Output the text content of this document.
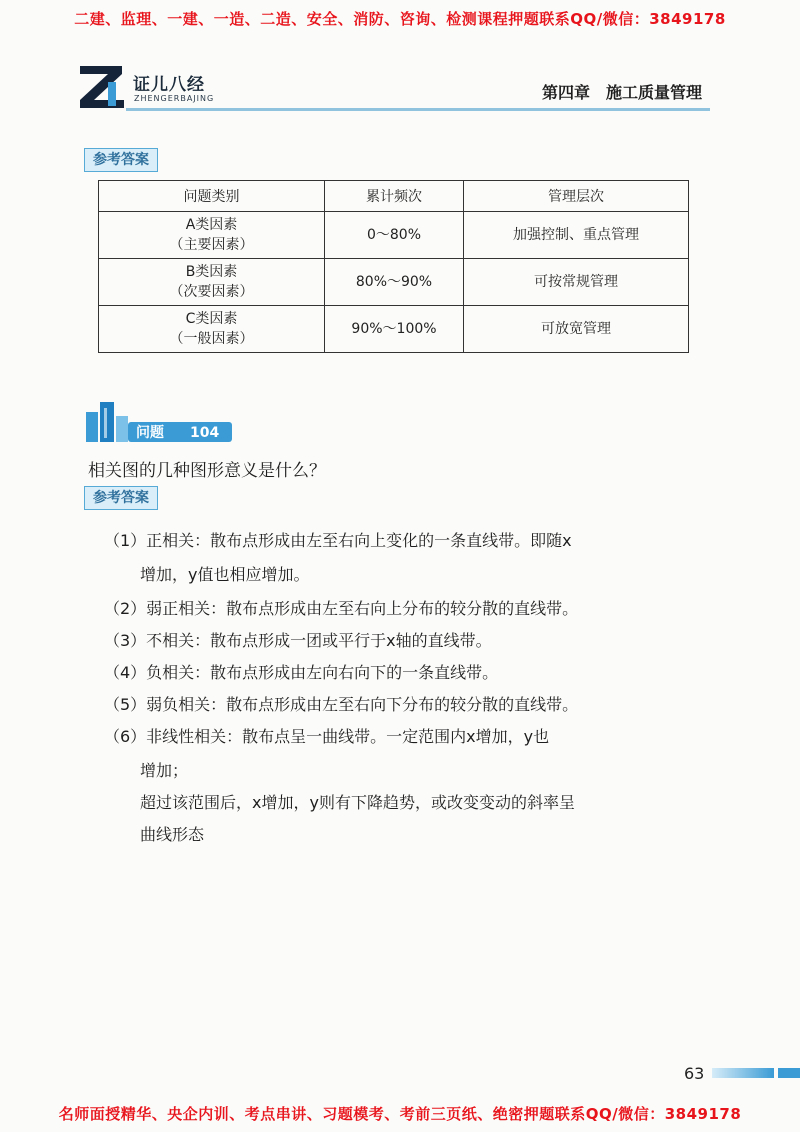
二建、监理、一建、一造、二造、安全、消防、咨询、检测课程押题联系QQ/微信：3849178
证儿八经
ZHENGERBAJING	第四章　施工质量管理
参考答案
问题类别	累计频次	管理层次
A类因素
（主要因素）	0～80%	加强控制、重点管理
B类因素
（次要因素）	80%～90%	可按常规管理
C类因素
（一般因素）	90%～100%	可放宽管理
问题 104
相关图的几种图形意义是什么？
参考答案
（1）正相关：散布点形成由左至右向上变化的一条直线带。即随x
增加，y值也相应增加。
（2）弱正相关：散布点形成由左至右向上分布的较分散的直线带。
（3）不相关：散布点形成一团或平行于x轴的直线带。
（4）负相关：散布点形成由左向右向下的一条直线带。
（5）弱负相关：散布点形成由左至右向下分布的较分散的直线带。
（6）非线性相关：散布点呈一曲线带。一定范围内x增加，y也
增加；
超过该范围后，x增加，y则有下降趋势，或改变变动的斜率呈
曲线形态
63
名师面授精华、央企内训、考点串讲、习题模考、考前三页纸、绝密押题联系QQ/微信：3849178
